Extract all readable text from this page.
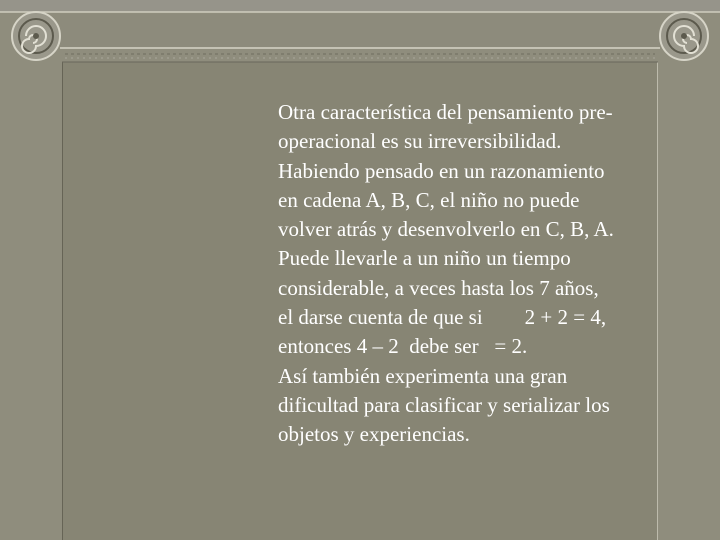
Otra característica del pensamiento pre-
operacional es su irreversibilidad.
Habiendo pensado en un razonamiento
en cadena A, B, C, el niño no puede
volver atrás y desenvolverlo en C, B, A.
Puede llevarle a un niño un tiempo
considerable, a veces hasta los 7 años,
el darse cuenta de que si        2 + 2 = 4,
entonces 4 – 2  debe ser   = 2.
Así también experimenta una gran
dificultad para clasificar y serializar los
objetos y experiencias.
